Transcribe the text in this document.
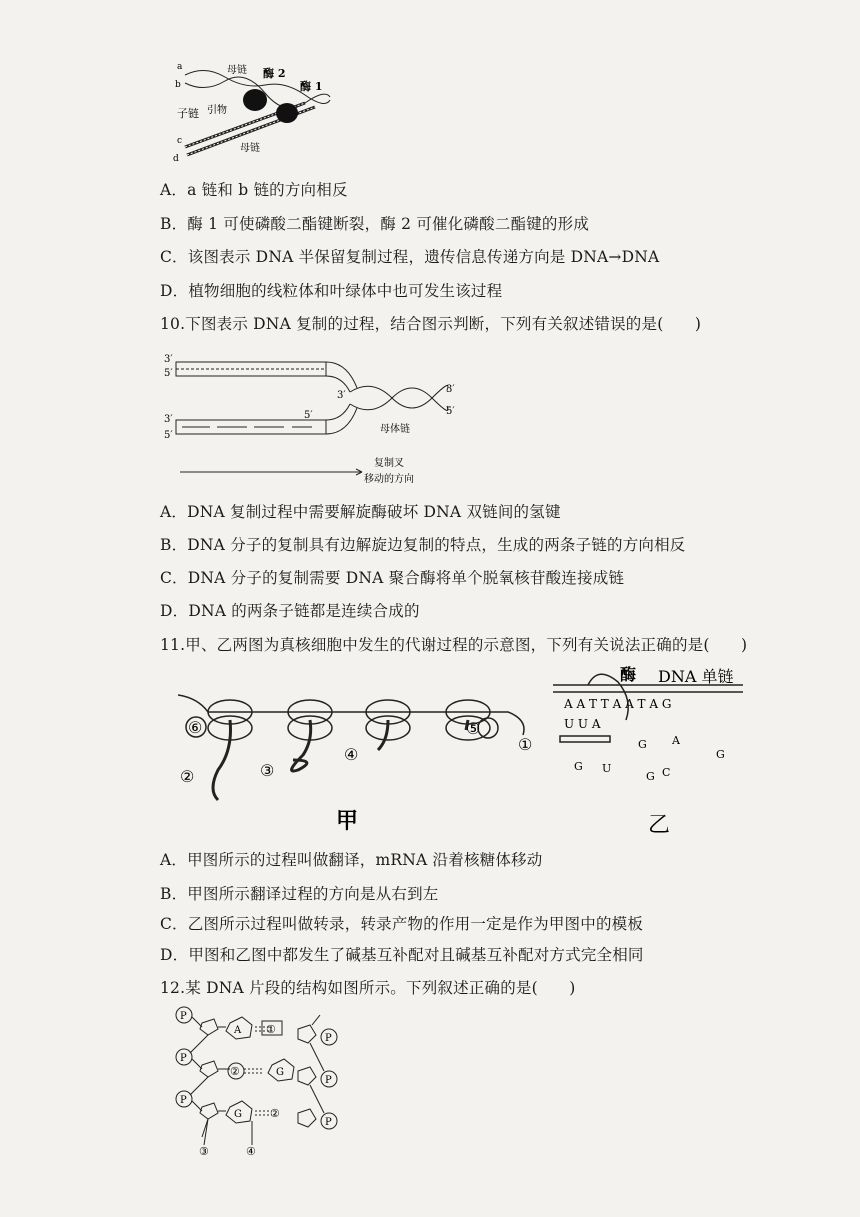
a
b
c
d
母链 酶 2
酶 1
子链 引物
母链
A．a 链和 b 链的方向相反
B．酶 1 可使磷酸二酯键断裂，酶 2 可催化磷酸二酯键的形成
C．该图表示 DNA 半保留复制过程，遗传信息传递方向是 DNA→DNA
D．植物细胞的线粒体和叶绿体中也可发生该过程
10.下图表示 DNA 复制的过程，结合图示判断，下列有关叙述错误的是(　　)
3′
5′
3′
5′
3′
5′
3′
5′
母体链
复制叉
移动的方向
A．DNA 复制过程中需要解旋酶破坏 DNA 双链间的氢键
B．DNA 分子的复制具有边解旋边复制的特点，生成的两条子链的方向相反
C．DNA 分子的复制需要 DNA 聚合酶将单个脱氧核苷酸连接成链
D．DNA 的两条子链都是连续合成的
11.甲、乙两图为真核细胞中发生的代谢过程的示意图，下列有关说法正确的是(　　)
⑥
②	③
④
⑤
①
甲	乙
酶 DNA 单链
A A T T A A T A G
U U A
G A
G
U
G C
G
A．甲图所示的过程叫做翻译，mRNA 沿着核糖体移动
B．甲图所示翻译过程的方向是从右到左
C．乙图所示过程叫做转录，转录产物的作用一定是作为甲图中的模板
D．甲图和乙图中都发生了碱基互补配对且碱基互补配对方式完全相同
12.某 DNA 片段的结构如图所示。下列叙述正确的是(　　)
P
P
P
P
P
P
A
G
G
①
②
②
③	④
